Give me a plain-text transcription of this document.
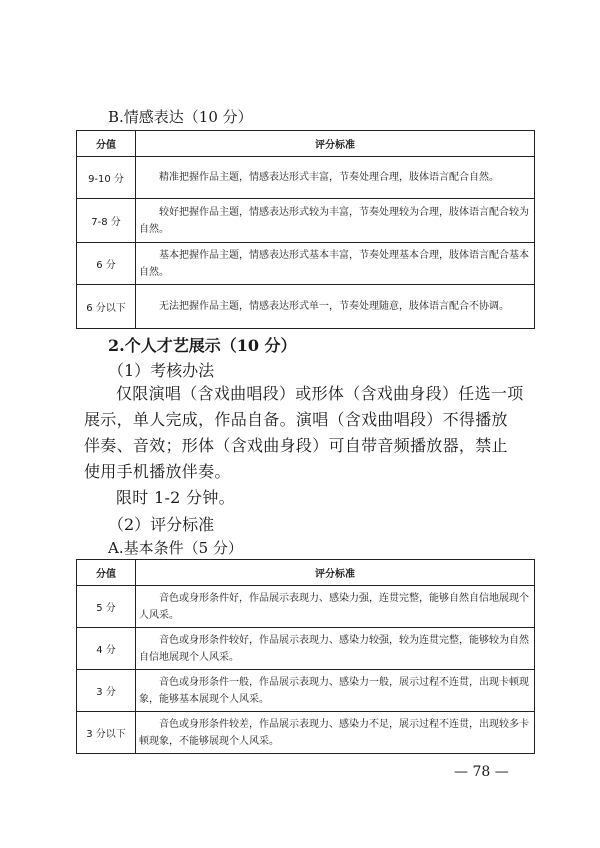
B.情感表达（10 分）
分值	评分标准
9-10 分	精准把握作品主题，情感表达形式丰富，节奏处理合理，肢体语言配合自然。
7-8 分	较好把握作品主题，情感表达形式较为丰富，节奏处理较为合理，肢体语言配合较为自然。
6 分	基本把握作品主题，情感表达形式基本丰富，节奏处理基本合理，肢体语言配合基本自然。
6 分以下	无法把握作品主题，情感表达形式单一，节奏处理随意，肢体语言配合不协调。
2.个人才艺展示（10 分）
（1）考核办法

仅限演唱（含戏曲唱段）或形体（含戏曲身段）任选一项展示，单人完成，作品自备。演唱（含戏曲唱段）不得播放伴奏、音效；形体（含戏曲身段）可自带音频播放器，禁止使用手机播放伴奏。

限时 1-2 分钟。

（2）评分标准
A.基本条件（5 分）
分值	评分标准
5 分	音色或身形条件好，作品展示表现力、感染力强，连贯完整，能够自然自信地展现个人风采。
4 分	音色或身形条件较好，作品展示表现力、感染力较强，较为连贯完整，能够较为自然自信地展现个人风采。
3 分	音色或身形条件一般，作品展示表现力、感染力一般，展示过程不连贯，出现卡顿现象，能够基本展现个人风采。
3 分以下	音色或身形条件较差，作品展示表现力、感染力不足，展示过程不连贯，出现较多卡顿现象，不能够展现个人风采。
— 78 —
